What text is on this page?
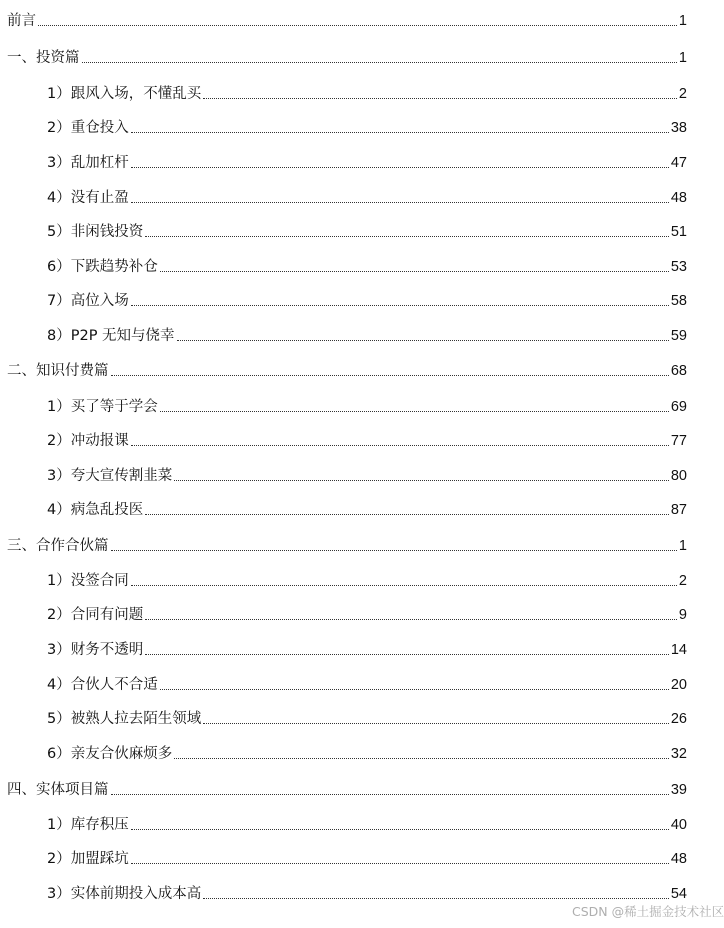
前言	1
一、投资篇	1
1）跟风入场，不懂乱买	2
2）重仓投入	38
3）乱加杠杆	47
4）没有止盈	48
5）非闲钱投资	51
6）下跌趋势补仓	53
7）高位入场	58
8）P2P 无知与侥幸	59
二、知识付费篇	68
1）买了等于学会	69
2）冲动报课	77
3）夸大宣传割韭菜	80
4）病急乱投医	87
三、合作合伙篇	1
1）没签合同	2
2）合同有问题	9
3）财务不透明	14
4）合伙人不合适	20
5）被熟人拉去陌生领域	26
6）亲友合伙麻烦多	32
四、实体项目篇	39
1）库存积压	40
2）加盟踩坑	48
3）实体前期投入成本高	54
CSDN @稀土掘金技术社区
